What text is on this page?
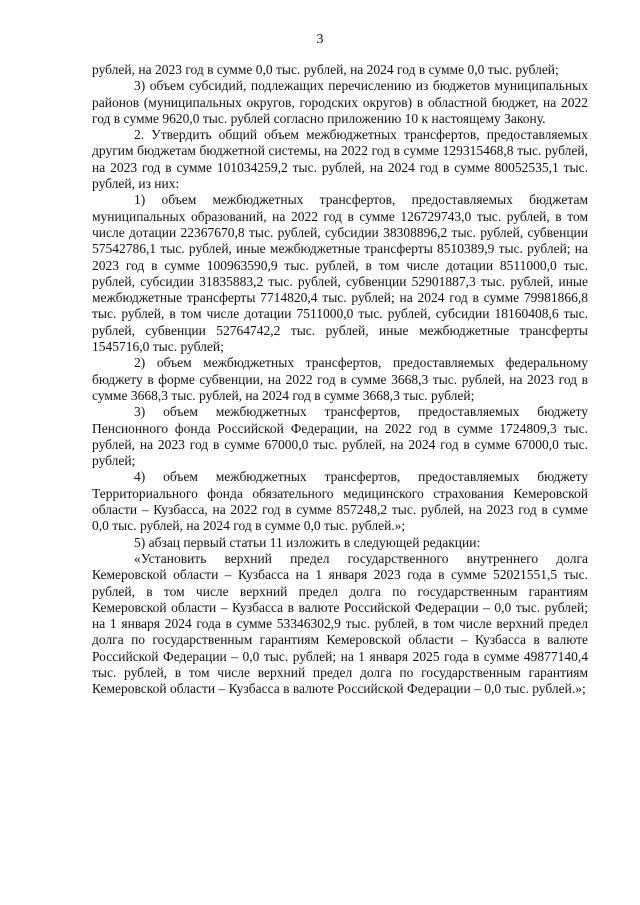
3

рублей, на 2023 год в сумме 0,0 тыс. рублей, на 2024 год в сумме 0,0 тыс. рублей;

3) объем субсидий, подлежащих перечислению из бюджетов муниципальных районов (муниципальных округов, городских округов) в областной бюджет, на 2022 год в сумме 9620,0 тыс. рублей согласно приложению 10 к настоящему Закону.

2. Утвердить общий объем межбюджетных трансфертов, предоставляемых другим бюджетам бюджетной системы, на 2022 год в сумме 129315468,8 тыс. рублей, на 2023 год в сумме 101034259,2 тыс. рублей, на 2024 год в сумме 80052535,1 тыс. рублей, из них:

1) объем межбюджетных трансфертов, предоставляемых бюджетам муниципальных образований, на 2022 год в сумме 126729743,0 тыс. рублей, в том числе дотации 22367670,8 тыс. рублей, субсидии 38308896,2 тыс. рублей, субвенции 57542786,1 тыс. рублей, иные межбюджетные трансферты 8510389,9 тыс. рублей; на 2023 год в сумме 100963590,9 тыс. рублей, в том числе дотации 8511000,0 тыс. рублей, субсидии 31835883,2 тыс. рублей, субвенции 52901887,3 тыс. рублей, иные межбюджетные трансферты 7714820,4 тыс. рублей; на 2024 год в сумме 79981866,8 тыс. рублей, в том числе дотации 7511000,0 тыс. рублей, субсидии 18160408,6 тыс. рублей, субвенции 52764742,2 тыс. рублей, иные межбюджетные трансферты 1545716,0 тыс. рублей;

2) объем межбюджетных трансфертов, предоставляемых федеральному бюджету в форме субвенции, на 2022 год в сумме 3668,3 тыс. рублей, на 2023 год в сумме 3668,3 тыс. рублей, на 2024 год в сумме 3668,3 тыс. рублей;

3) объем межбюджетных трансфертов, предоставляемых бюджету Пенсионного фонда Российской Федерации, на 2022 год в сумме 1724809,3 тыс. рублей, на 2023 год в сумме 67000,0 тыс. рублей, на 2024 год в сумме 67000,0 тыс. рублей;

4) объем межбюджетных трансфертов, предоставляемых бюджету Территориального фонда обязательного медицинского страхования Кемеровской области – Кузбасса, на 2022 год в сумме 857248,2 тыс. рублей, на 2023 год в сумме 0,0 тыс. рублей, на 2024 год в сумме 0,0 тыс. рублей.»;

5) абзац первый статьи 11 изложить в следующей редакции:

«Установить верхний предел государственного внутреннего долга Кемеровской области – Кузбасса на 1 января 2023 года в сумме 52021551,5 тыс. рублей, в том числе верхний предел долга по государственным гарантиям Кемеровской области – Кузбасса в валюте Российской Федерации – 0,0 тыс. рублей; на 1 января 2024 года в сумме 53346302,9 тыс. рублей, в том числе верхний предел долга по государственным гарантиям Кемеровской области – Кузбасса в валюте Российской Федерации – 0,0 тыс. рублей; на 1 января 2025 года в сумме 49877140,4 тыс. рублей, в том числе верхний предел долга по государственным гарантиям Кемеровской области – Кузбасса в валюте Российской Федерации – 0,0 тыс. рублей.»;
